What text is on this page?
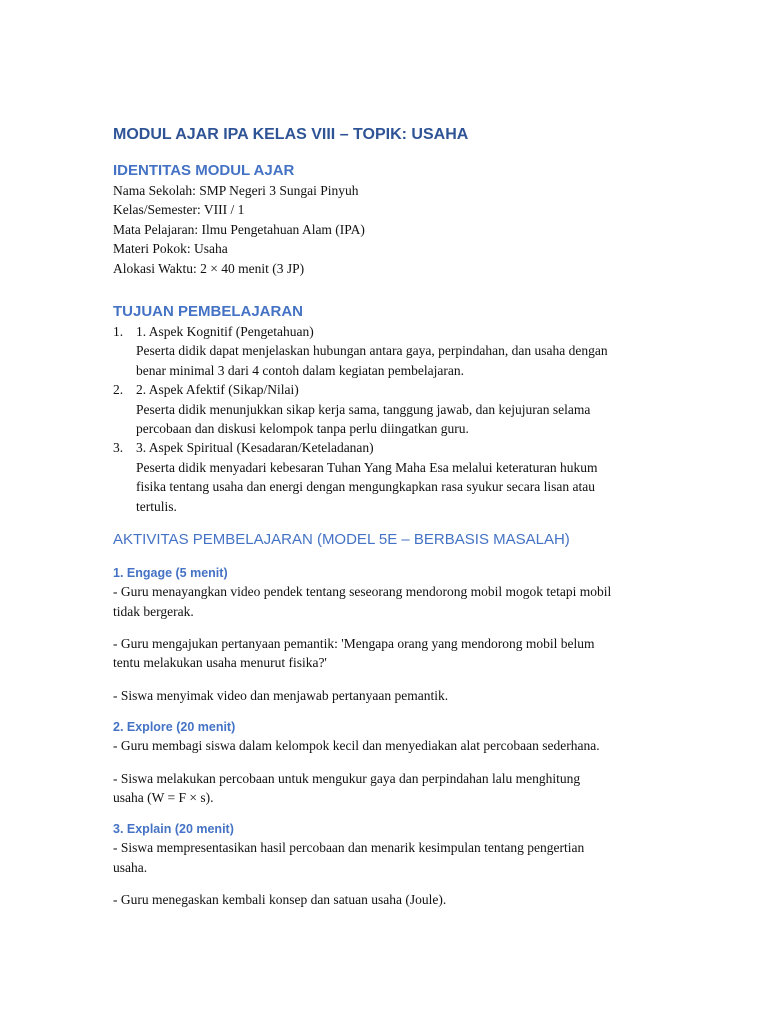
MODUL AJAR IPA KELAS VIII – TOPIK: USAHA
IDENTITAS MODUL AJAR

Nama Sekolah: SMP Negeri 3 Sungai Pinyuh

Kelas/Semester: VIII / 1

Mata Pelajaran: Ilmu Pengetahuan Alam (IPA)

Materi Pokok: Usaha

Alokasi Waktu: 2 × 40 menit (3 JP)

TUJUAN PEMBELAJARAN
1. 1. Aspek Kognitif (Pengetahuan)
Peserta didik dapat menjelaskan hubungan antara gaya, perpindahan, dan usaha dengan
benar minimal 3 dari 4 contoh dalam kegiatan pembelajaran.
2. 2. Aspek Afektif (Sikap/Nilai)
Peserta didik menunjukkan sikap kerja sama, tanggung jawab, dan kejujuran selama
percobaan dan diskusi kelompok tanpa perlu diingatkan guru.
3. 3. Aspek Spiritual (Kesadaran/Keteladanan)
Peserta didik menyadari kebesaran Tuhan Yang Maha Esa melalui keteraturan hukum
fisika tentang usaha dan energi dengan mengungkapkan rasa syukur secara lisan atau
tertulis.
AKTIVITAS PEMBELAJARAN (MODEL 5E – BERBASIS MASALAH)
1. Engage (5 menit)

- Guru menayangkan video pendek tentang seseorang mendorong mobil mogok tetapi mobil

tidak bergerak.

- Guru mengajukan pertanyaan pemantik: 'Mengapa orang yang mendorong mobil belum

tentu melakukan usaha menurut fisika?'

- Siswa menyimak video dan menjawab pertanyaan pemantik.

2. Explore (20 menit)

- Guru membagi siswa dalam kelompok kecil dan menyediakan alat percobaan sederhana.

- Siswa melakukan percobaan untuk mengukur gaya dan perpindahan lalu menghitung

usaha (W = F × s).

3. Explain (20 menit)

- Siswa mempresentasikan hasil percobaan dan menarik kesimpulan tentang pengertian

usaha.

- Guru menegaskan kembali konsep dan satuan usaha (Joule).
